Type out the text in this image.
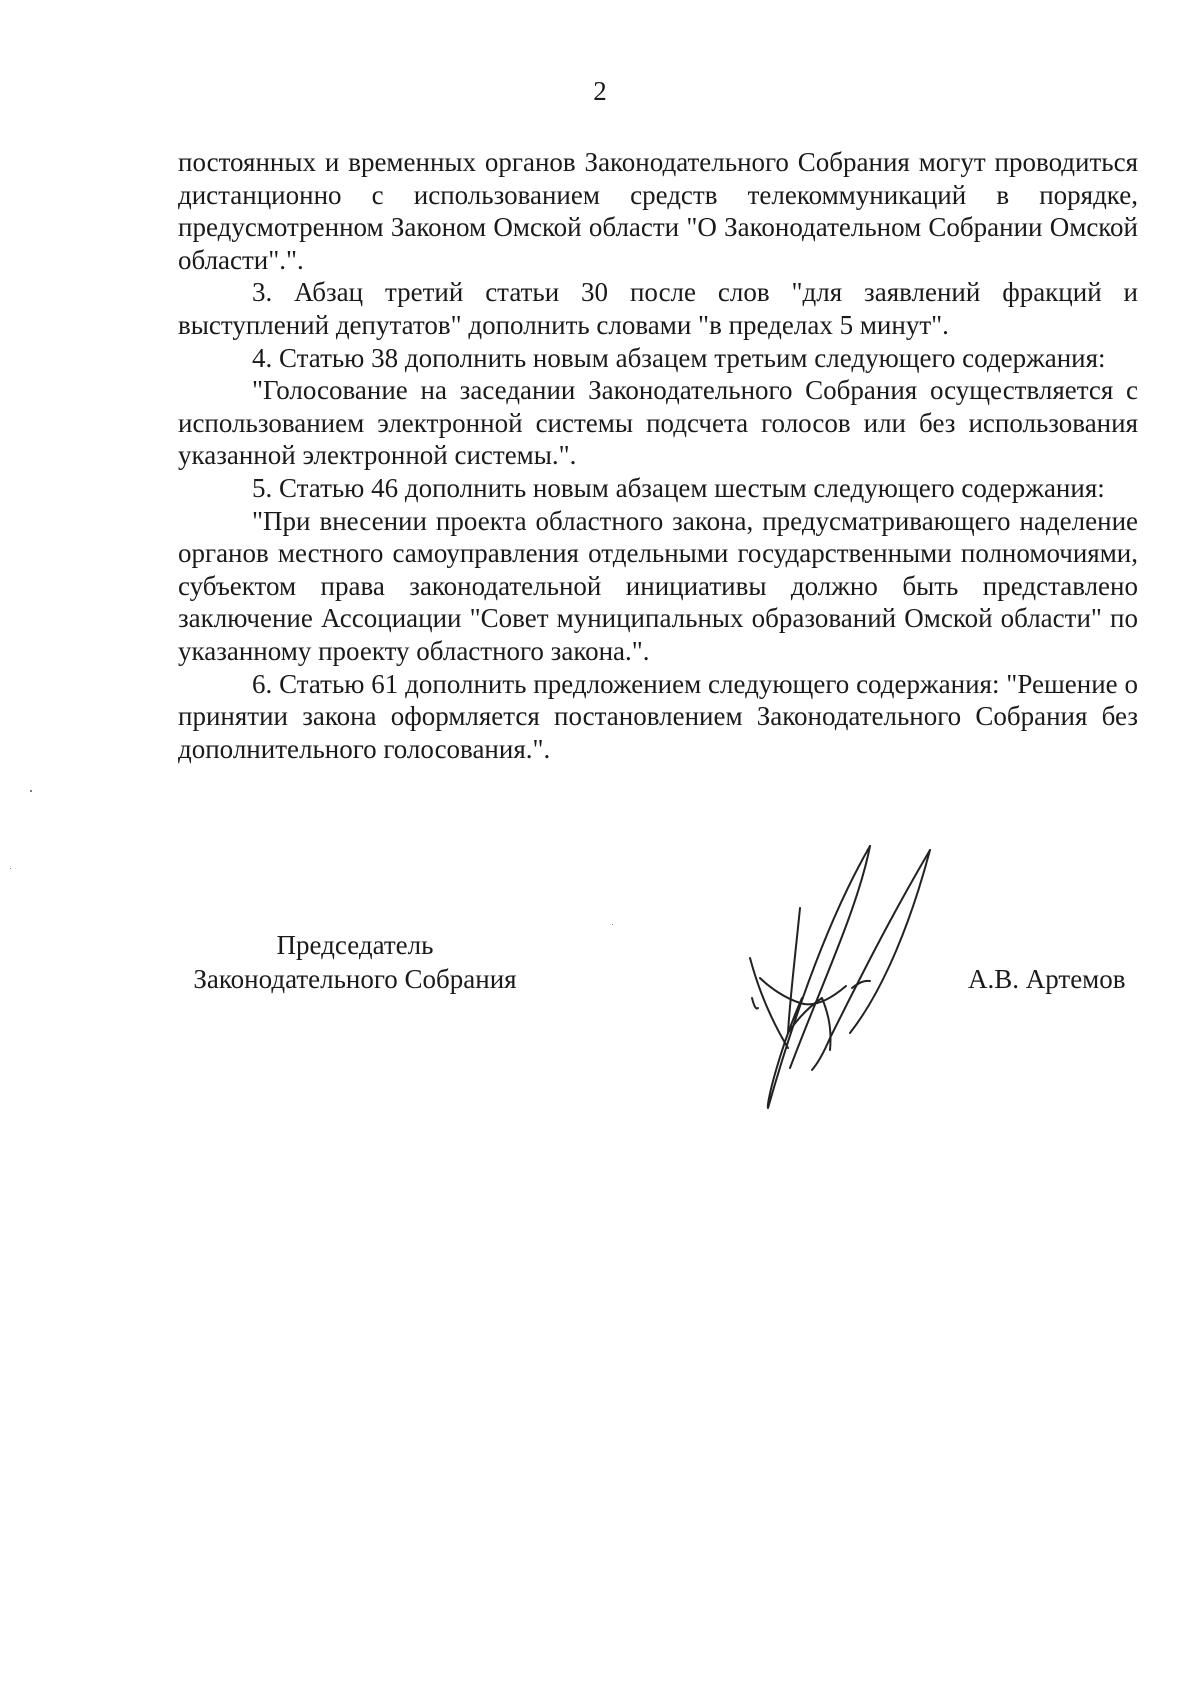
2

постоянных и временных органов Законодательного Собрания могут проводиться дистанционно с использованием средств телекоммуникаций в порядке, предусмотренном Законом Омской области "О Законодательном Собрании Омской области".".

3. Абзац третий статьи 30 после слов "для заявлений фракций и выступлений депутатов" дополнить словами "в пределах 5 минут".

4. Статью 38 дополнить новым абзацем третьим следующего содержания:

"Голосование на заседании Законодательного Собрания осуществляется с использованием электронной системы подсчета голосов или без использования указанной электронной системы.".

5. Статью 46 дополнить новым абзацем шестым следующего содержания:

"При внесении проекта областного закона, предусматривающего наделение органов местного самоуправления отдельными государственными полномочиями, субъектом права законодательной инициативы должно быть представлено заключение Ассоциации "Совет муниципальных образований Омской области" по указанному проекту областного закона.".

6. Статью 61 дополнить предложением следующего содержания: "Решение о принятии закона оформляется постановлением Законодательного Собрания без дополнительного голосования.".

Председатель
Законодательного Собрания	А.В. Артемов
